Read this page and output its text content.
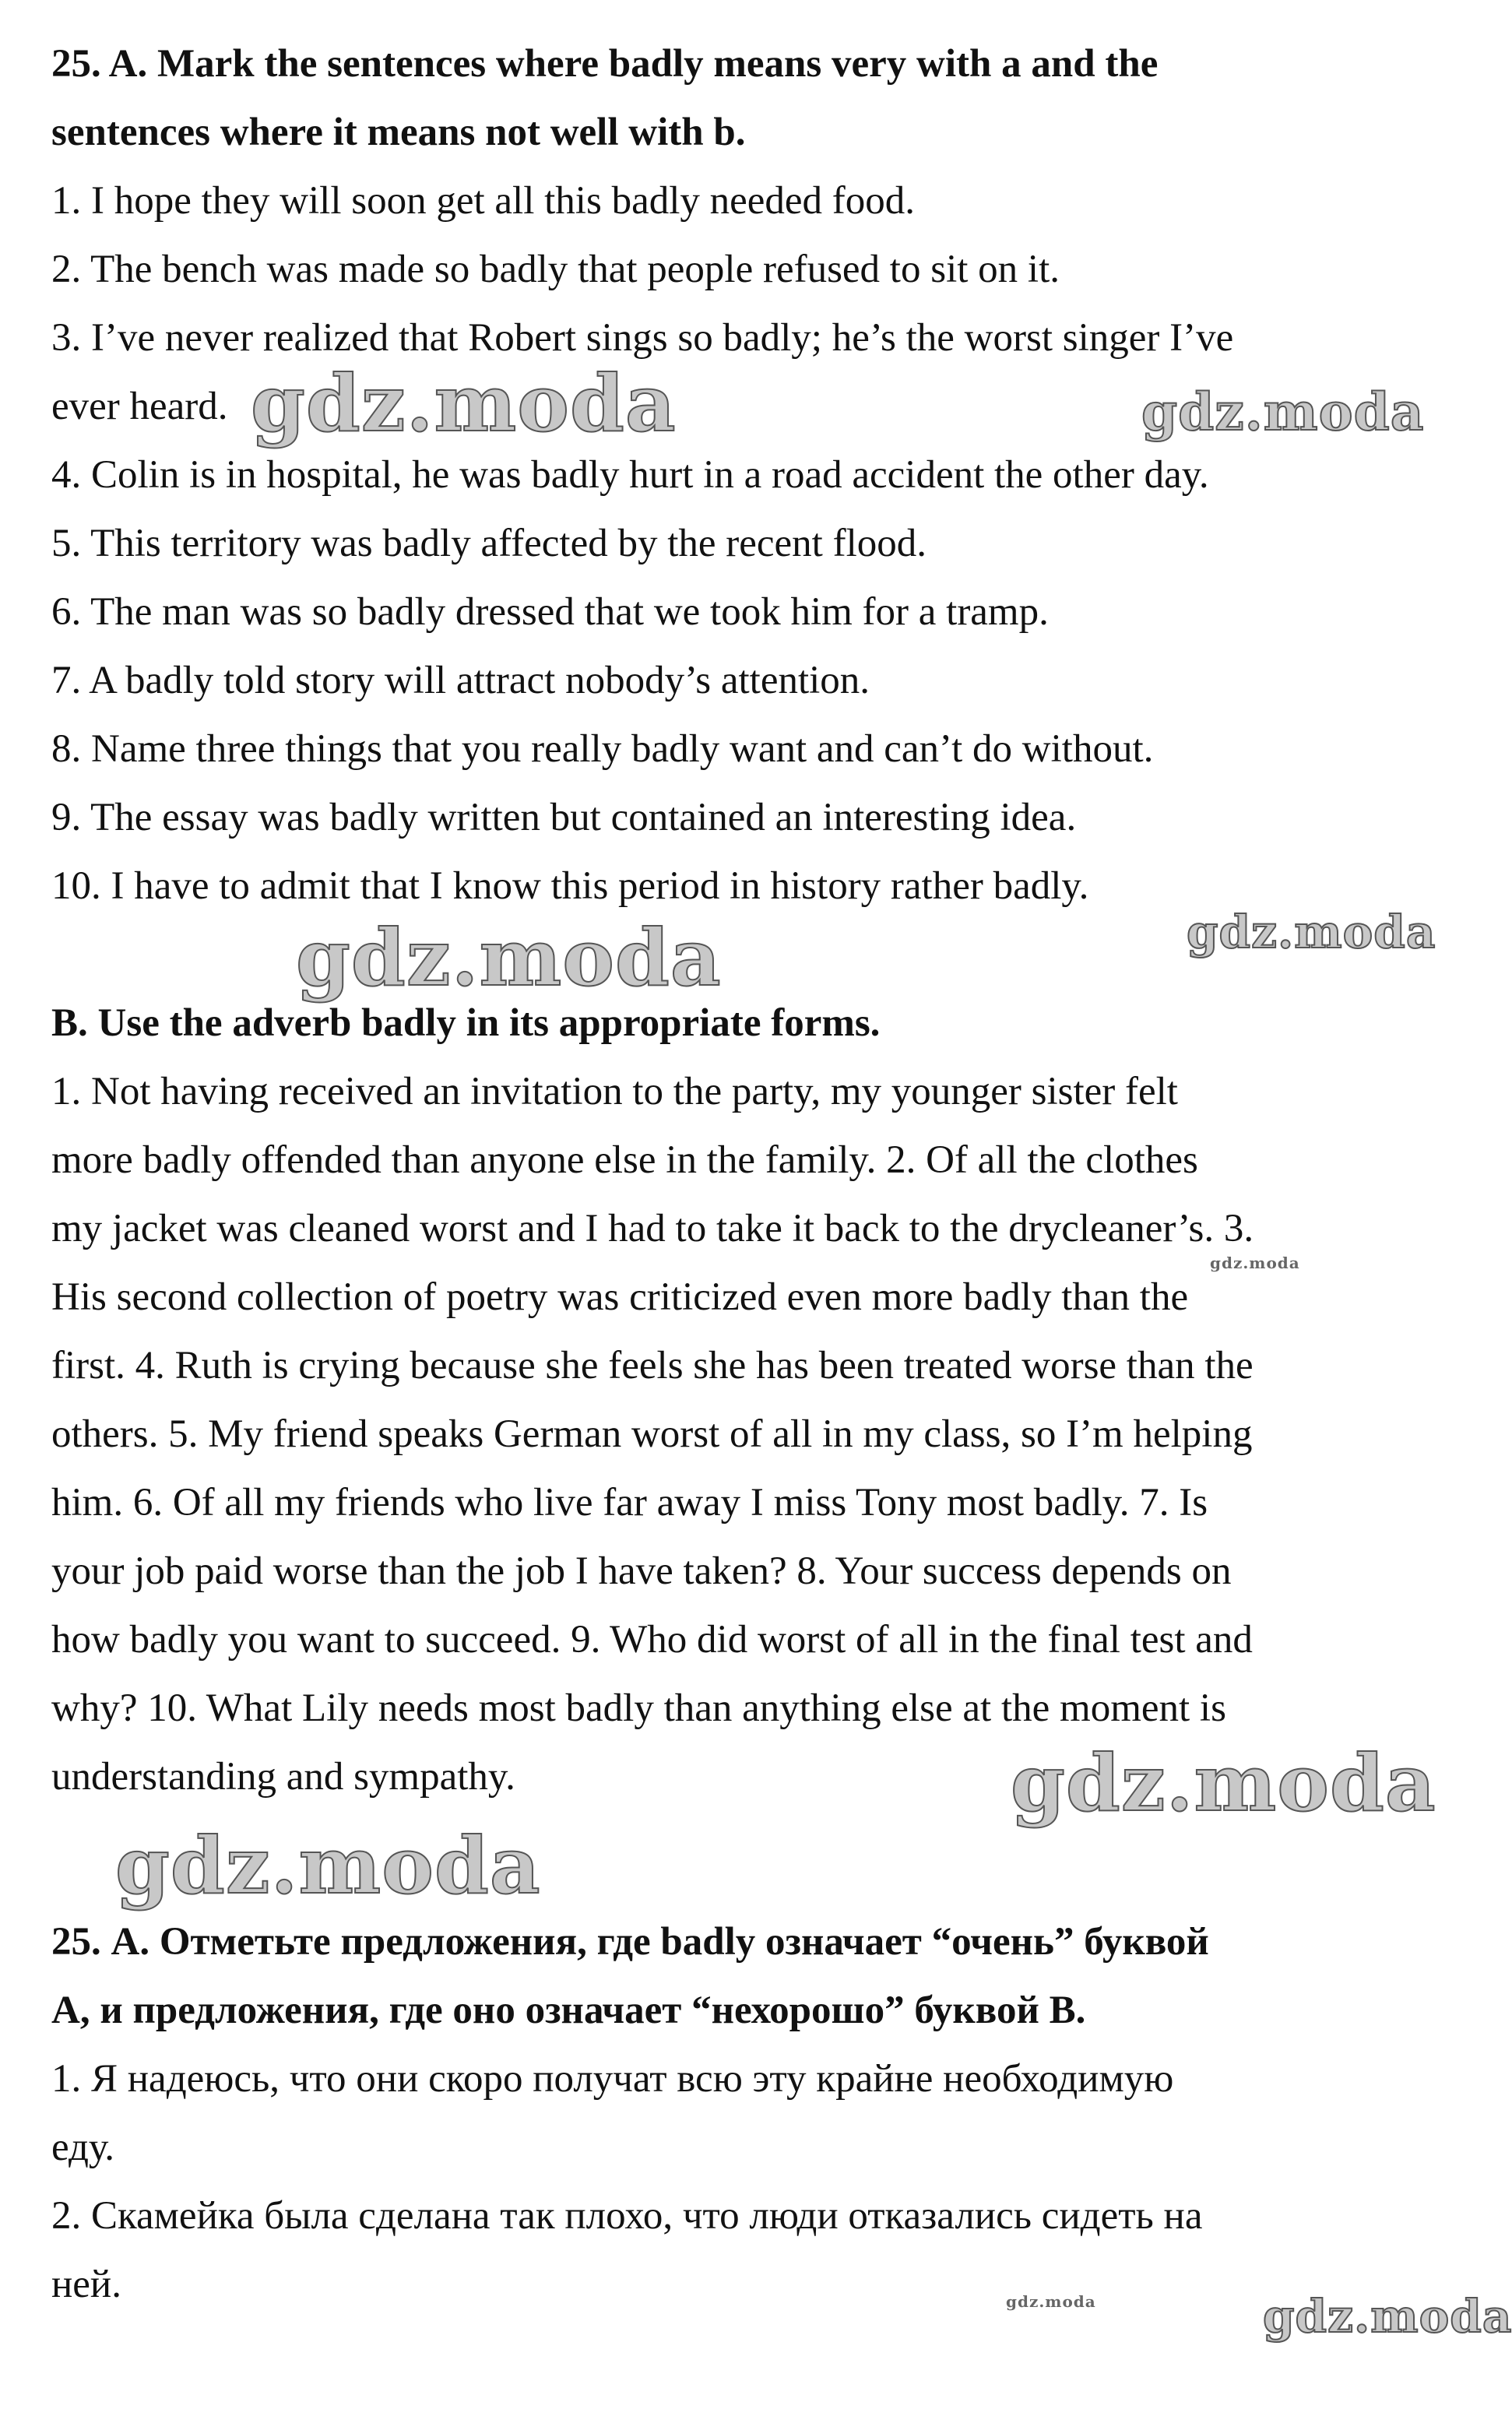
25. A. Mark the sentences where badly means very with a and the

sentences where it means not well with b.

1. I hope they will soon get all this badly needed food.

2. The bench was made so badly that people refused to sit on it.

3. I’ve never realized that Robert sings so badly; he’s the worst singer I’ve

ever heard.

4. Colin is in hospital, he was badly hurt in a road accident the other day.

5. This territory was badly affected by the recent flood.

6. The man was so badly dressed that we took him for a tramp.

7. A badly told story will attract nobody’s attention.

8. Name three things that you really badly want and can’t do without.

9. The essay was badly written but contained an interesting idea.

10. I have to admit that I know this period in history rather badly.

B. Use the adverb badly in its appropriate forms.

1. Not having received an invitation to the party, my younger sister felt

more badly offended than anyone else in the family. 2. Of all the clothes

my jacket was cleaned worst and I had to take it back to the drycleaner’s. 3.

His second collection of poetry was criticized even more badly than the

first. 4. Ruth is crying because she feels she has been treated worse than the

others. 5. My friend speaks German worst of all in my class, so I’m helping

him. 6. Of all my friends who live far away I miss Tony most badly. 7. Is

your job paid worse than the job I have taken? 8. Your success depends on

how badly you want to succeed. 9. Who did worst of all in the final test and

why? 10. What Lily needs most badly than anything else at the moment is

understanding and sympathy.

25. А. Отметьте предложения, где badly означает “очень” буквой

А, и предложения, где оно означает “нехорошо” буквой В.

1. Я надеюсь, что они скоро получат всю эту крайне необходимую

еду.

2. Скамейка была сделана так плохо, что люди отказались сидеть на

ней.

gdz.moda	gdz.moda
gdz.moda	gdz.moda
gdz.moda
gdz.moda
gdz.moda
gdz.moda	gdz.moda
